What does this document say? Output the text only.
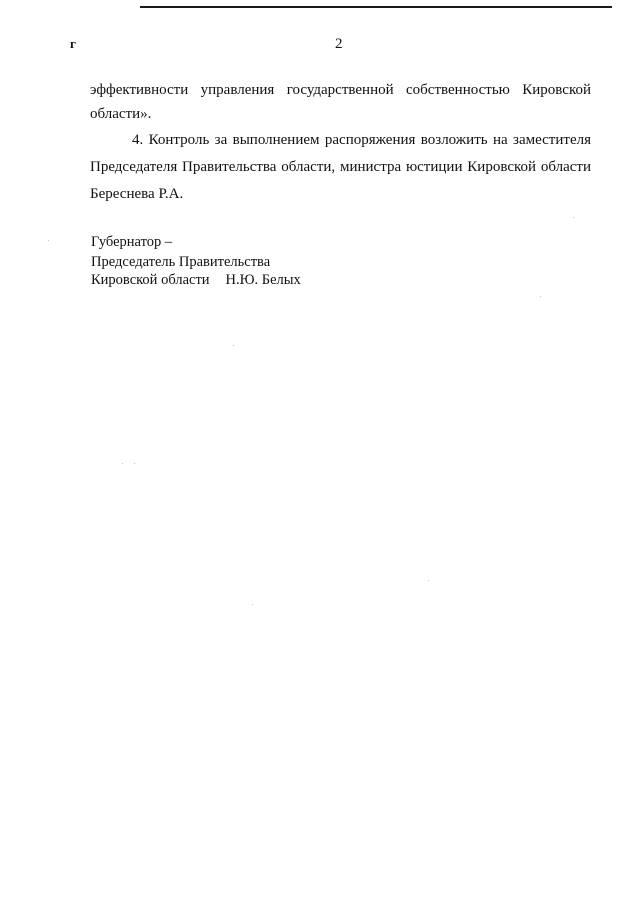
г	2
эффективности управления государственной собственностью Кировской
области».
4. Контроль за выполнением распоряжения возложить на заместителя
Председателя Правительства области, министра юстиции Кировской области
Береснева Р.А.
Губернатор –
Председатель Правительства
Кировской области Н.Ю. Белых
